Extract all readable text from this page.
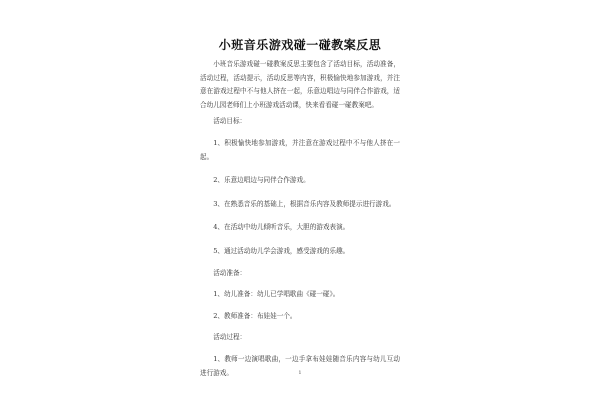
小班音乐游戏碰一碰教案反思

小班音乐游戏碰一碰教案反思主要包含了活动目标，活动准备，活动过程，活动提示，活动反思等内容，积极愉快地参加游戏，并注意在游戏过程中不与他人挤在一起，乐意边唱边与同伴合作游戏，适合幼儿园老师们上小班游戏活动课，快来看看碰一碰教案吧。

活动目标：

1、积极愉快地参加游戏，并注意在游戏过程中不与他人挤在一起。

2、乐意边唱边与同伴合作游戏。

3、在熟悉音乐的基础上，根据音乐内容及教师提示进行游戏。

4、在活动中幼儿倾听音乐，大胆的游戏表演。

5、通过活动幼儿学会游戏，感受游戏的乐趣。

活动准备：

1、幼儿准备：幼儿已学唱歌曲《碰一碰》。

2、教师准备：布娃娃一个。

活动过程：

1、教师一边演唱歌曲，一边手拿布娃娃随音乐内容与幼儿互动进行游戏。	1
